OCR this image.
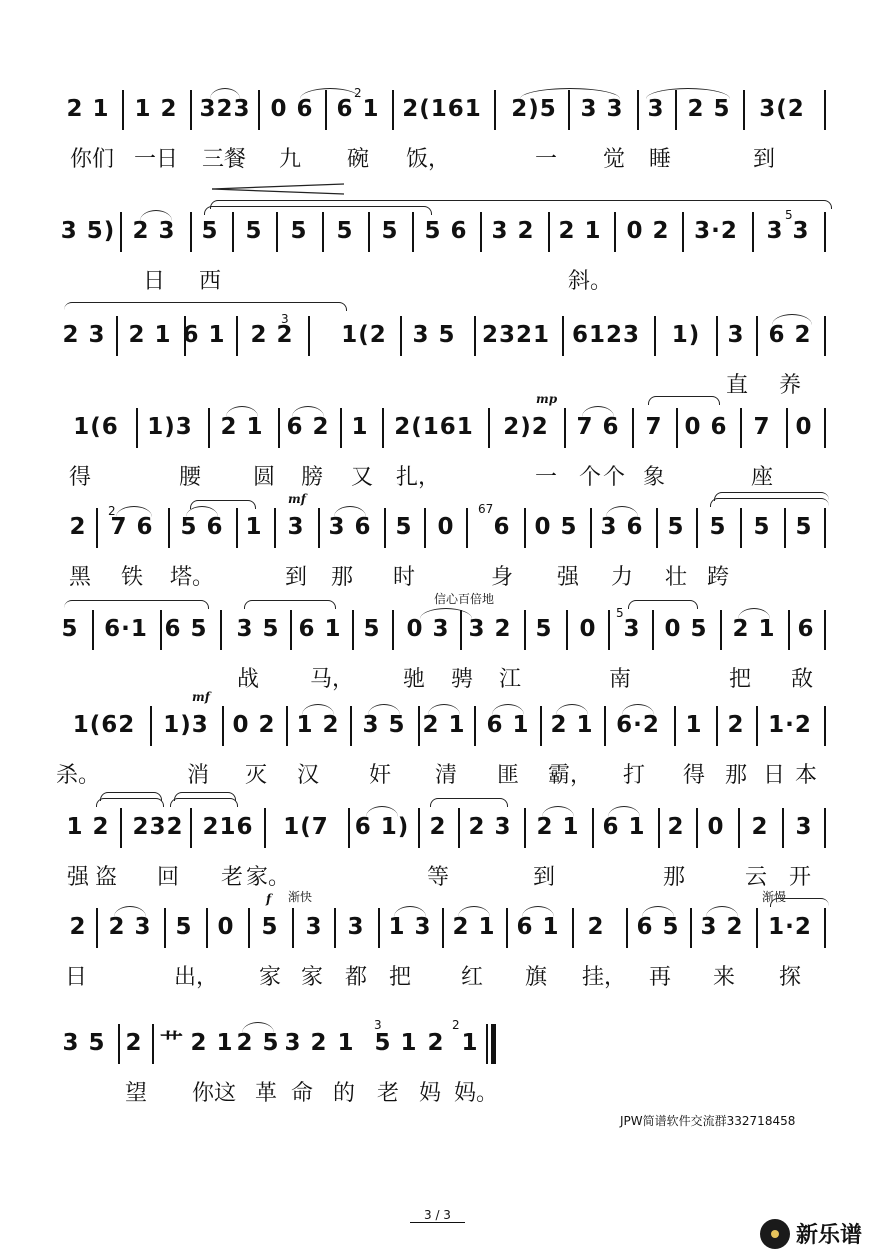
2 1 1 2 323 0 6 6 1
2
2(161 2)5 3 3 3 2 5 3(2
你们 一日 三餐 九 碗 饭，	一 觉 睡	到
3 5) 2 3 5 5 5 5 5 5 6 3 2 2 1 0 2 3·2 3 3
5
日 西	斜。
2 3 2 1 6 1 2 2
3
1(2 3 5 2321 6123 1) 3 6 2
直 养
mp
1(6 1)3 2 1 6 2 1 2(161 2)2 7 6 7 0 6 7 0
得	腰 圆 膀 又 扎，	一 个 个 象	座
mf
2 7 6
2
5 6 1 3 3 6 5 0 6
67
0 5 3 6 5 5 5 5
黑 铁 塔。	到 那 时	身 强 力 壮 跨
信心百倍地
5 6·1 6 5 3 5 6 1 5 0 3 3 2 5 0 3
5
0 5 2 1 6
战 马， 驰 骋 江	南	把 敌
mf
1(62 1)3 0 2 1 2 3 5 2 1 6 1 2 1 6·2 1 2 1·2
杀。	消 灭 汉 奸 清 匪 霸， 打 得 那 日 本
1 2 232 216 1(7 6 1) 2 2 3 2 1 6 1 2 0 2 3
强 盗 回 老 家。	等	到	那	云 开
f 渐快	渐慢
2 2 3 5 0 5 3 3 1 3 2 1 6 1 2 6 5 3 2 1·2
日	出， 家 家 都 把 红 旗 挂， 再 来 探
3 5 2 艹 2 1 2 5 3 2 1
3
5 1 2
2
1
望 你这 革 命 的 老 妈 妈。
JPW简谱软件交流群332718458
3 / 3
新乐谱
